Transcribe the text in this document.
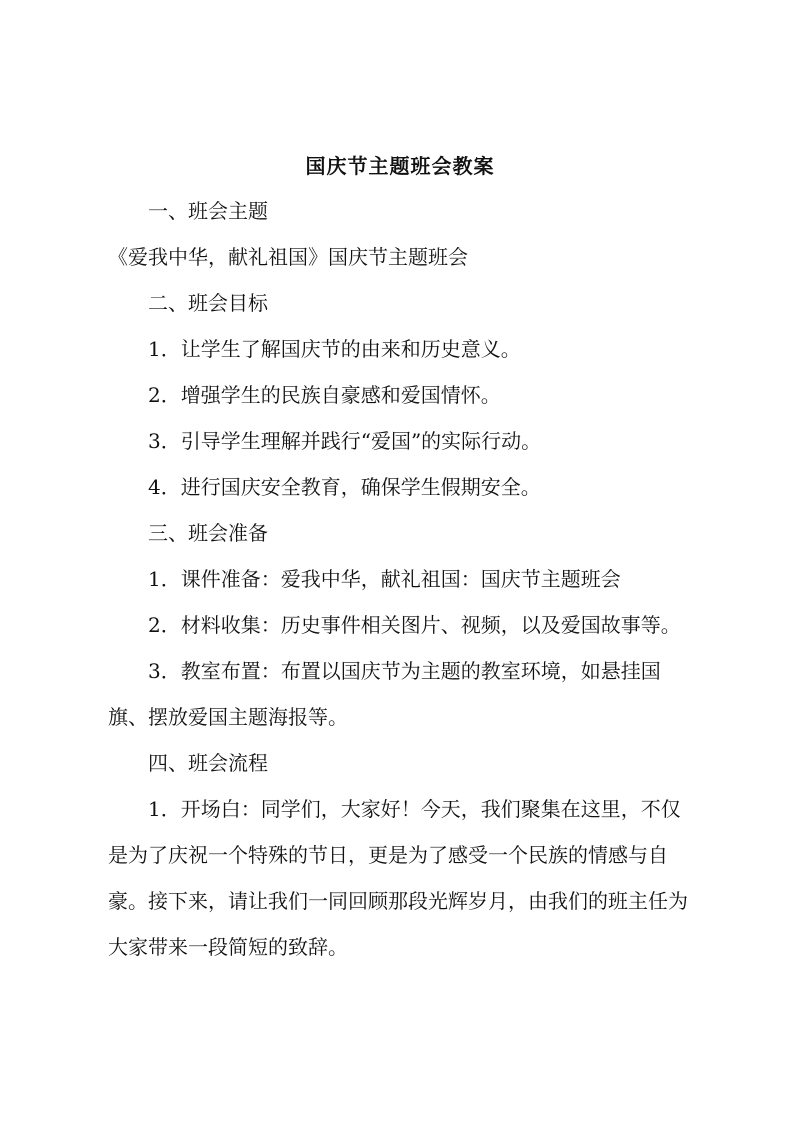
国庆节主题班会教案

一、班会主题

《爱我中华，献礼祖国》国庆节主题班会

二、班会目标

1．让学生了解国庆节的由来和历史意义。

2．增强学生的民族自豪感和爱国情怀。

3．引导学生理解并践行“爱国”的实际行动。

4．进行国庆安全教育，确保学生假期安全。

三、班会准备

1．课件准备：爱我中华，献礼祖国：国庆节主题班会

2．材料收集：历史事件相关图片、视频，以及爱国故事等。

3．教室布置：布置以国庆节为主题的教室环境，如悬挂国旗、摆放爱国主题海报等。

四、班会流程

1．开场白：同学们，大家好！今天，我们聚集在这里，不仅是为了庆祝一个特殊的节日，更是为了感受一个民族的情感与自豪。接下来，请让我们一同回顾那段光辉岁月，由我们的班主任为大家带来一段简短的致辞。
